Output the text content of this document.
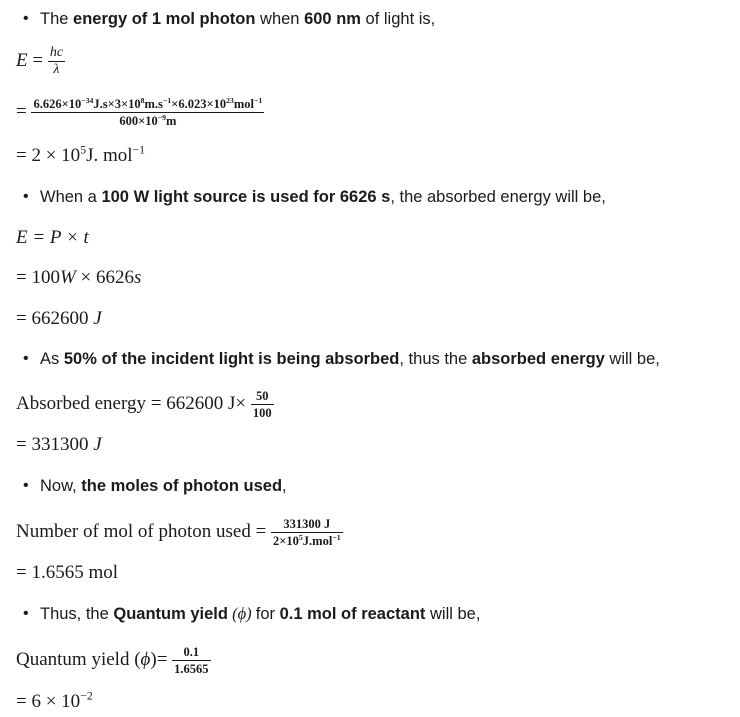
• The energy of 1 mol photon when 600 nm of light is,
$E = \frac{hc}{\lambda}$
= $\frac{6.626\times 10^{-34}J.s\times 3\times 10^8m.s^{-1}\times 6.023\times 10^{23}mol^{-1}}{600\times 10^{-9}m}$
= $2 \times 10^5J$. mol$^{-1}$
• When a 100 W light source is used for 6626 s, the absorbed energy will be,
E = P × t
= 100W × 6626s
= 662600 J
• As 50% of the incident light is being absorbed, thus the absorbed energy will be,
Absorbed energy = 662600 $J\times \frac{50}{100}$
= 331300 J
• Now, the moles of photon used,
Number of mol of photon used = $\frac{331300 J}{2\times 10^5J.mol^{-1}}$
= 1.6565 mol
• Thus, the Quantum yield (ϕ) for 0.1 mol of reactant will be,
Quantum yield $(\phi)= \frac{0.1}{1.6565}$
= $6 \times 10^{-2}$
